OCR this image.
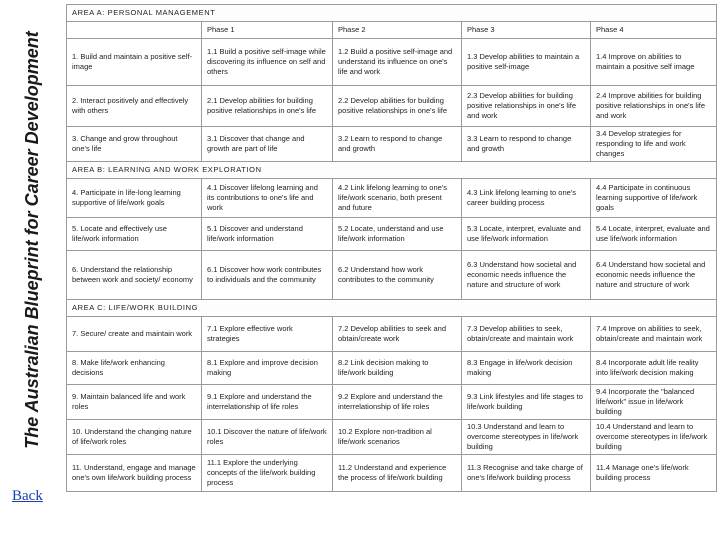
The Australian Blueprint for Career Development
Back
AREA A: PERSONAL MANAGEMENT				
	Phase 1	Phase 2	Phase 3	Phase 4
1. Build and maintain a positive self-image	1.1 Build a positive self-image while discovering its influence on self and others	1.2 Build a positive self-image and understand its influence on one's life and work	1.3 Develop abilities to maintain a positive self-image	1.4 Improve on abilities to maintain a positive self image
2. Interact positively and effectively with others	2.1 Develop abilities for building positive relationships in one's life	2.2 Develop abilities for building positive relationships in one's life	2.3 Develop abilities for building positive relationships in one's life and work	2.4 Improve abilities for building positive relationships in one's life and work
3. Change and grow throughout one's life	3.1 Discover that change and growth are part of life	3.2 Learn to respond to change and growth	3.3 Learn to respond to change and growth	3.4 Develop strategies for responding to life and work changes
AREA B: LEARNING AND WORK EXPLORATION				
4. Participate in life-long learning supportive of life/work goals	4.1 Discover lifelong learning and its contributions to one's life and work	4.2 Link lifelong learning to one's life/work scenario, both present and future	4.3 Link lifelong learning to one's career building process	4.4 Participate in continuous learning supportive of life/work goals
5. Locate and effectively use life/work information	5.1 Discover and understand life/work information	5.2 Locate, understand and use life/work information	5.3 Locate, interpret, evaluate and use life/work information	5.4 Locate, interpret, evaluate and use life/work information
6. Understand the relationship between work and society/ economy	6.1 Discover how work contributes to individuals and the community	6.2 Understand how work contributes to the community	6.3 Understand how societal and economic needs influence the nature and structure of work	6.4 Understand how societal and economic needs influence the nature and structure of work
AREA C: LIFE/WORK BUILDING				
7. Secure/ create and maintain work	7.1 Explore effective work strategies	7.2 Develop abilities to seek and obtain/create work	7.3 Develop abilities to seek, obtain/create and maintain work	7.4 Improve on abilities to seek, obtain/create and maintain work
8. Make life/work enhancing decisions	8.1 Explore and improve decision making	8.2 Link decision making to life/work building	8.3 Engage in life/work decision making	8.4 Incorporate adult life reality into life/work decision making
9. Maintain balanced life and work roles	9.1 Explore and understand the interrelationship of life roles	9.2 Explore and understand the interrelationship of life roles	9.3 Link lifestyles and life stages to life/work building	9.4 Incorporate the "balanced life/work" issue in life/work building
10. Understand the changing nature of life/work roles	10.1 Discover the nature of life/work roles	10.2 Explore non-tradition al life/work scenarios	10.3 Understand and learn to overcome stereotypes in life/work building	10.4 Understand and learn to overcome stereotypes in life/work building
11. Understand, engage and manage one's own life/work building process	11.1 Explore the underlying concepts of the life/work building process	11.2 Understand and experience the process of life/work building	11.3 Recognise and take charge of one's life/work building process	11.4 Manage one's life/work building process
